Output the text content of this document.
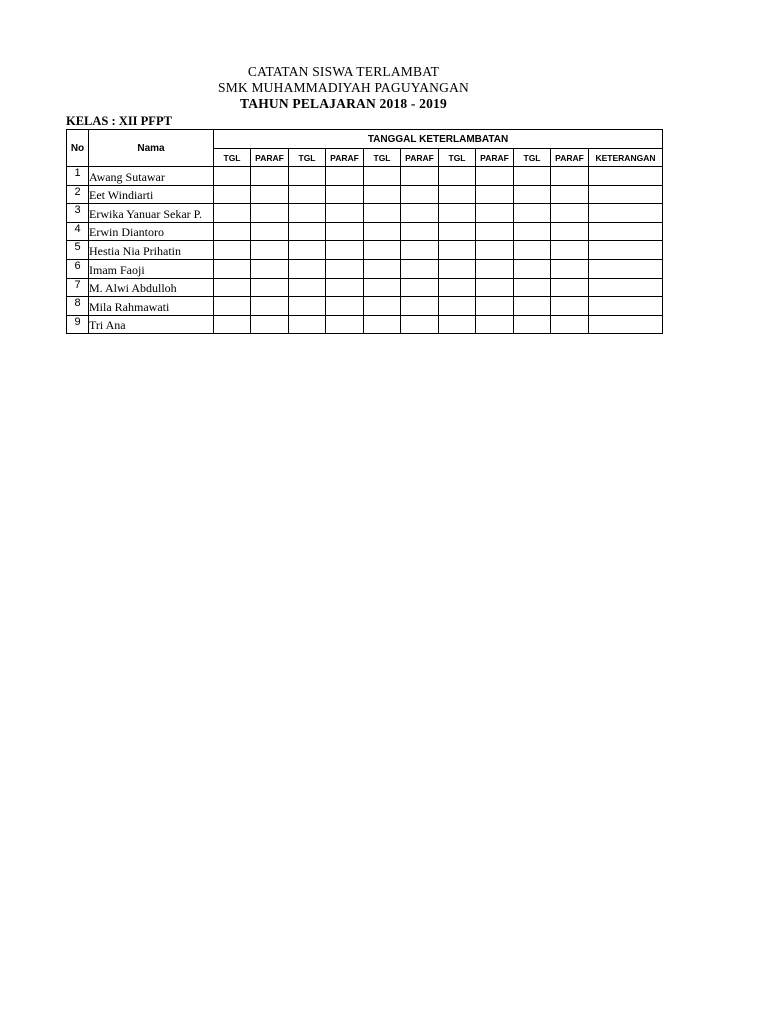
CATATAN SISWA TERLAMBAT
SMK MUHAMMADIYAH PAGUYANGAN
TAHUN PELAJARAN 2018 - 2019
KELAS : XII PFPT
No	Nama	TANGGAL KETERLAMBATAN										
		TGL	PARAF	TGL	PARAF	TGL	PARAF	TGL	PARAF	TGL	PARAF	KETERANGAN
1	Awang Sutawar											
2	Eet Windiarti											
3	Erwika Yanuar Sekar P.											
4	Erwin Diantoro											
5	Hestia Nia Prihatin											
6	Imam Faoji											
7	M. Alwi Abdulloh											
8	Mila Rahmawati											
9	Tri Ana											
